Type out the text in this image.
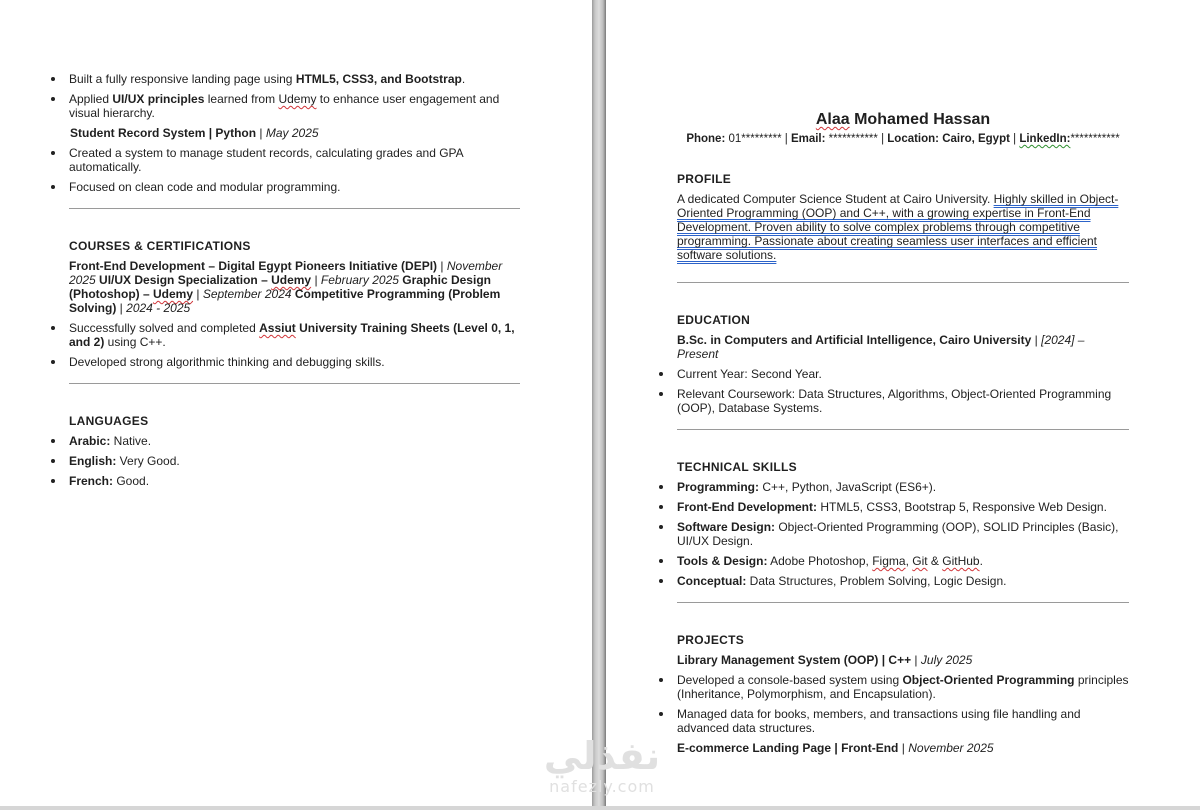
Built a fully responsive landing page using HTML5, CSS3, and Bootstrap.
Applied UI/UX principles learned from Udemy to enhance user engagement and visual hierarchy.
Student Record System | Python | May 2025
Created a system to manage student records, calculating grades and GPA automatically.
Focused on clean code and modular programming.
COURSES & CERTIFICATIONS
Front-End Development – Digital Egypt Pioneers Initiative (DEPI) | November 2025 UI/UX Design Specialization – Udemy | February 2025 Graphic Design (Photoshop) – Udemy | September 2024 Competitive Programming (Problem Solving) | 2024 - 2025
Successfully solved and completed Assiut University Training Sheets (Level 0, 1, and 2) using C++.
Developed strong algorithmic thinking and debugging skills.
LANGUAGES
Arabic: Native.
English: Very Good.
French: Good.
Alaa Mohamed Hassan
Phone: 01********* | Email: *********** | Location: Cairo, Egypt | LinkedIn:***********
PROFILE
A dedicated Computer Science Student at Cairo University. Highly skilled in Object-Oriented Programming (OOP) and C++, with a growing expertise in Front-End Development. Proven ability to solve complex problems through competitive programming. Passionate about creating seamless user interfaces and efficient software solutions.
EDUCATION
B.Sc. in Computers and Artificial Intelligence, Cairo University | [2024] – Present
Current Year: Second Year.
Relevant Coursework: Data Structures, Algorithms, Object-Oriented Programming (OOP), Database Systems.
TECHNICAL SKILLS
Programming: C++, Python, JavaScript (ES6+).
Front-End Development: HTML5, CSS3, Bootstrap 5, Responsive Web Design.
Software Design: Object-Oriented Programming (OOP), SOLID Principles (Basic), UI/UX Design.
Tools & Design: Adobe Photoshop, Figma, Git & GitHub.
Conceptual: Data Structures, Problem Solving, Logic Design.
PROJECTS
Library Management System (OOP) | C++ | July 2025
Developed a console-based system using Object-Oriented Programming principles (Inheritance, Polymorphism, and Encapsulation).
Managed data for books, members, and transactions using file handling and advanced data structures.
E-commerce Landing Page | Front-End | November 2025
نفذلي
nafezly.com
